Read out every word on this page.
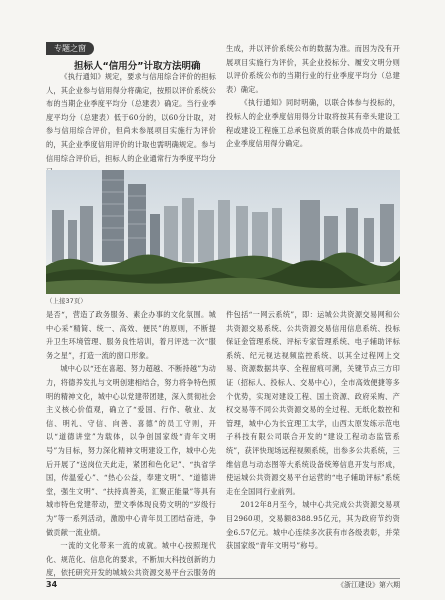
专题之窗
担标人“信用分”计取方法明确

《执行通知》规定，要求与信用综合评价的担标人，其企业参与信用得分将确定，按照以评价系统公布的当期企业季度平均分（总建表）确定。当行业季度平均分（总建表）低于60分的，以60分计取，对参与信用综合评价，但尚未参展项目实施行为评价的，其企业季度信用评价的计取也需明确规定。参与信用综合评价后，担标人的企业通常行为季度平均分

生成，并以评价系统公布的数据为准。而因为没有开展项目实施行为评价，其企业投标分、履安文明分则以评价系统公布的当期行业的行业季度平均分（总建表）确定。

《执行通知》同时明确，以联合体参与投标的，投标人的企业季度信用得分计取将按其有牵头建设工程或建设工程施工总承包资质的联合体成员中的最低企业季度信用得分确定。

（上接37页）

是否“，营造了政务服务、素企办事的文化氛围。城中心采“精简、统一、高效、便民”的原则，不断提升卫生环境管理、服务良性培训，着月评选一次“服务之星”，打造一流的窗口形象。

城中心以“还在喜超、努力超越、不断持越”为动力，将德养发扎与文明创建相结合，努力将争特色照明的精神文化，城中心以党建带团建，深入贯彻社会主义核心价值观，确立了“爱国、行作、敬业、友信、明礼、守信、向善、喜德”的员工守则，开以“道德讲堂”为载体，以争创国家级“青年文明号”为目标，努力深化精神文明建设工作，城中心先后开展了“送岗位天此走，紧团和色化记”、“执省学国，传温爱心”、“热心公益，奉建文明”、“道德讲堂，强生文明”、“扶持真善美，汇聚正能量”等具有城市特色党建带动，塑文季体现良势文明的“岁级行为”等一系列活动，激励中心青年员工团结奋进，争做贡献一流业绩。

一流的文化带来一流的成就。城中心按照现代化、规范化、信息化的要求，不断加大科技创新的力度，依托研究开发的城城公共资源交易平台云服务的

件包括“一网云系统”，即：运城公共资源交易网和公共资源交易系统、公共资源交易信用信息系统、投标保证金管理系统、评标专家管理系统、电子辅助评标系统、纪元视达视频监控系统、以其全过程网上交易、资源数据共享、全程留痕可溯，关键节点三方印证（招标人、投标人、交易中心），全市高效便捷等多个优势，实现对建设工程、国土资源、政府采购、产权交易等不同公共资源交易的全过程、无纸化数控和管理，城中心为长宜理工太学，山西太原发练示范电子科技有限公司联合开发的“建设工程动态监管系统”，获评快现场远程视频系统，出参多公共系统，三维信息与动态图等大系统设备统筹信息开发与形成，使运城公共资源交易平台运营的“电子辅助评标”系统走在全国同行业前列。

2012年8月至今，城中心共完成公共资源交易项目2960项，交易额8388.95亿元，其为政府节约资金6.57亿元。城中心连续多次获有市各级表彰，并荣获国家级“青年文明号”称号。

34	《浙江建设》第六期
